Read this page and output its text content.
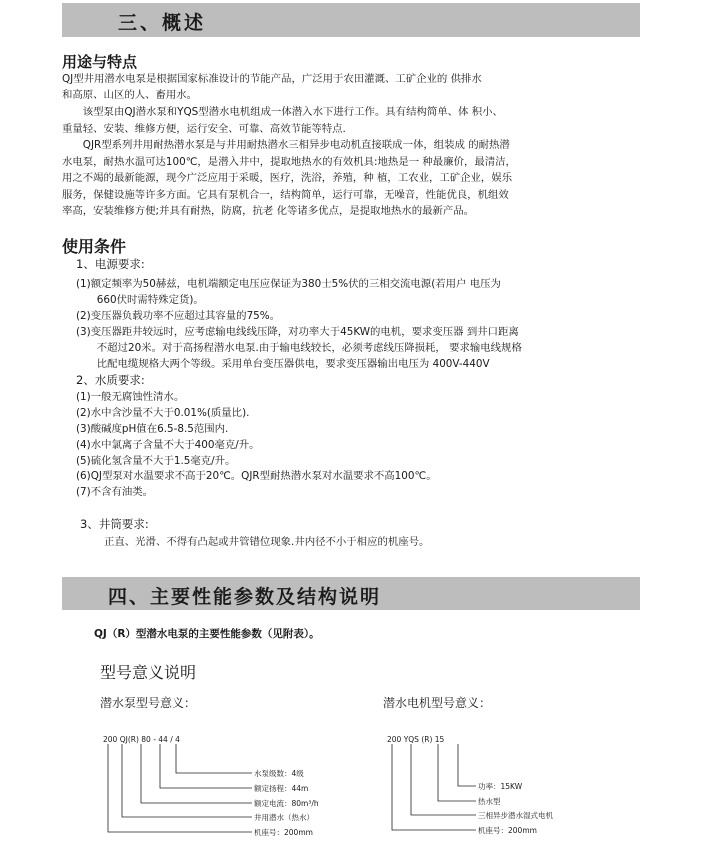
三、概述
用途与特点
QJ型井用潜水电泵是根据国家标准设计的节能产品，广泛用于农田灌溉、工矿企业的 供排水
和高原、山区的人、畜用水。
　　该型泵由QJ潜水泵和YQS型潜水电机组成一体潜入水下进行工作。具有结构简单、体 积小、
重量轻、安装、维修方便，运行安全、可靠、高效节能等特点.
　　QJR型系列井用耐热潜水泵是与井用耐热潜水三相异步电动机直接联成一体，组装成 的耐热潜
水电泵，耐热水温可达100℃，是潜入井中，提取地热水的有效机具:地热是一 种最廉价，最清洁，
用之不竭的最新能源，现今广泛应用于采暖，医疗，洗浴，养殖，种 植，工农业，工矿企业，娱乐
服务，保健设施等许多方面。它具有泵机合一，结构简单，运行可靠，无噪音，性能优良，机组效
率高，安装维修方便;并具有耐热，防腐，抗老 化等诸多优点，是提取地热水的最新产品。
使用条件
1、电源要求:
(1)额定频率为50赫兹，电机端额定电压应保证为380士5%伏的三相交流电源(若用户 电压为
　　660伏时需特殊定货)。
(2)变压器负载功率不应超过其容量的75%。
(3)变压器距井较远时，应考虑输电线线压降，对功率大于45KW的电机，要求变压器 到井口距离
　　不超过20米。对于高扬程潜水电泵.由于输电线较长，必须考虑线压降损耗， 要求输电线规格
　　比配电缆规格大两个等级。采用单台变压器供电，要求变压器输出电压为 400V-440V
2、水质要求:
(1)一般无腐蚀性清水。
(2)水中含沙量不大于0.01%(质量比).
(3)酸碱度pH值在6.5-8.5范围内.
(4)水中氯离子含量不大于400毫克/升。
(5)硫化氢含量不大于1.5毫克/升。
(6)QJ型泵对水温要求不高于20℃。QJR型耐热潜水泵对水温要求不高100℃。
(7)不含有油类。
3、井筒要求:
正直、光滑、不得有凸起或井管错位现象.井内径不小于相应的机座号。
四、主要性能参数及结构说明
QJ（R）型潜水电泵的主要性能参数（见附表）。
型号意义说明
潜水泵型号意义：	潜水电机型号意义：
200 QJ(R) 80 - 44 / 4
水泵级数：4级
额定扬程：44m
额定电流：80m³/h
井用潜水（热水）
机座号：200mm
200 YQS (R) 15
功率：15KW
热水型
三相异步潜水湿式电机
机座号：200mm
